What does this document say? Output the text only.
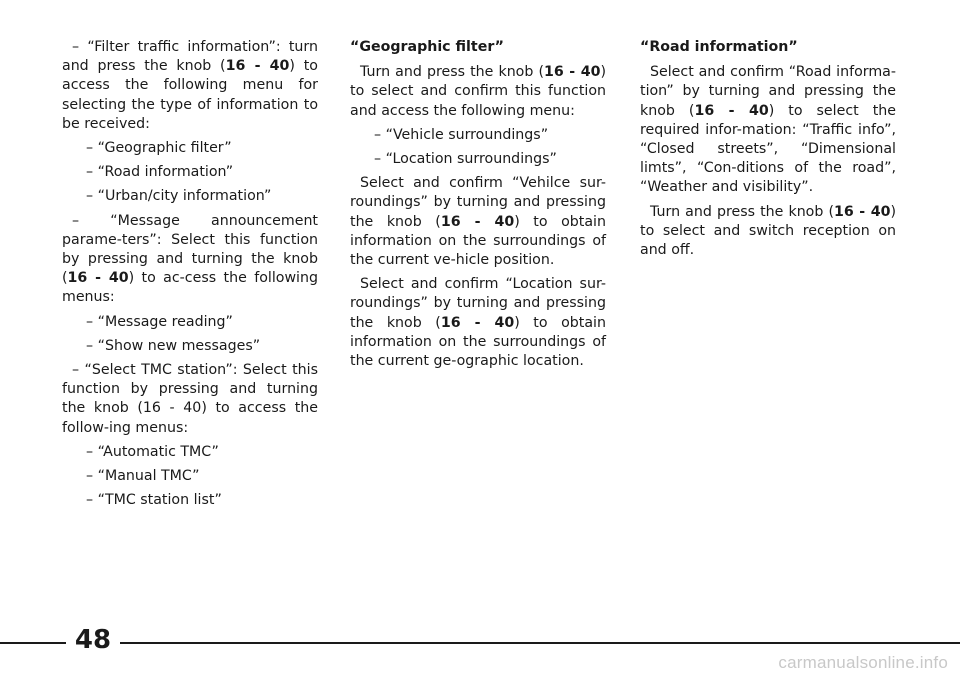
– “Filter traffic information”: turn and press the knob (16 - 40) to access the following menu for selecting the type of information to be received:

– “Geographic filter”

– “Road information”

– “Urban/city information”

– “Message announcement parame-ters”: Select this function by pressing and turning the knob (16 - 40) to ac-cess the following menus:

– “Message reading”

– “Show new messages”

– “Select TMC station”: Select this function by pressing and turning the knob (16 - 40) to access the follow-ing menus:

– “Automatic TMC”

– “Manual TMC”

– “TMC station list”

“Geographic filter”

Turn and press the knob (16 - 40) to select and confirm this function and access the following menu:

– “Vehicle surroundings”

– “Location surroundings”

Select and confirm “Vehilce sur-roundings” by turning and pressing the knob (16 - 40) to obtain information on the surroundings of the current ve-hicle position.

Select and confirm “Location sur-roundings” by turning and pressing the knob (16 - 40) to obtain information on the surroundings of the current ge-ographic location.

“Road information”

Select and confirm “Road informa-tion” by turning and pressing the knob (16 - 40) to select the required infor-mation: “Traffic info”, “Closed streets”, “Dimensional limts”, “Con-ditions of the road”, “Weather and visibility”.

Turn and press the knob (16 - 40) to select and switch reception on and off.

48
carmanualsonline.info
